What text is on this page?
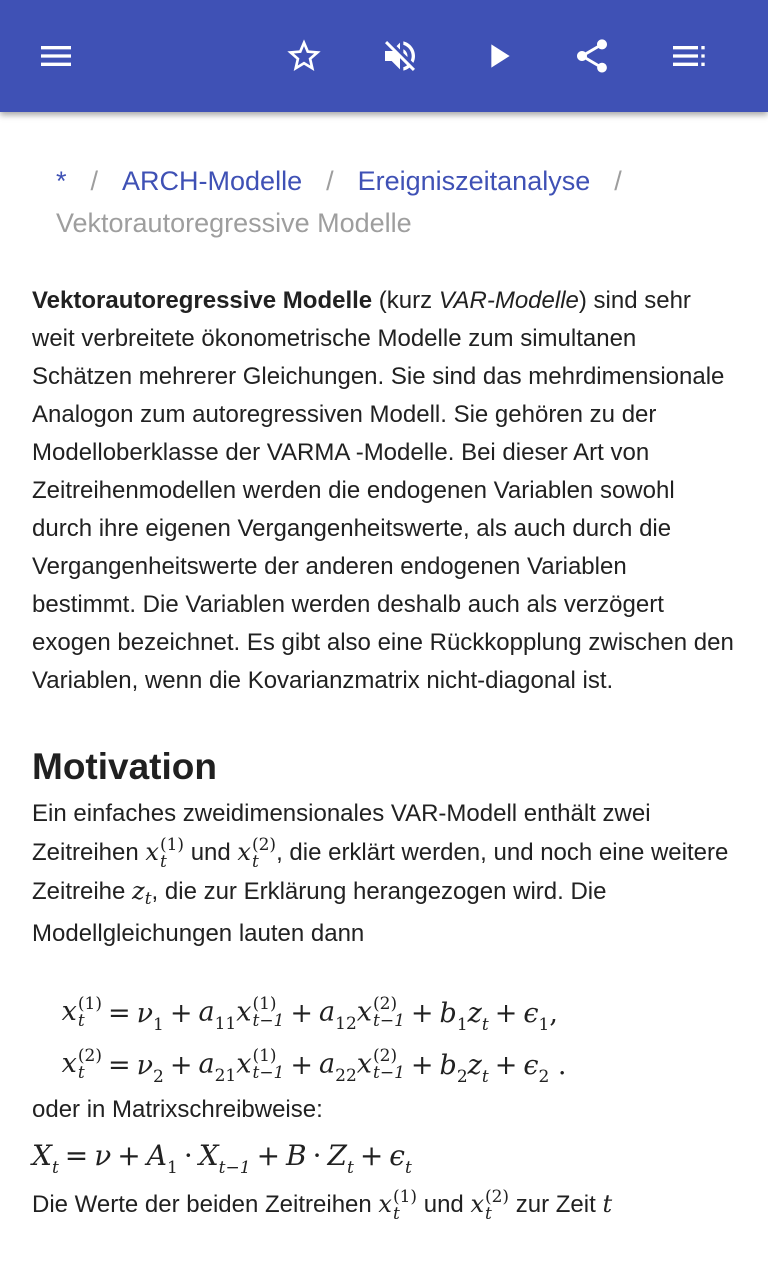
* / ARCH-Modelle / Ereigniszeitanalyse /
Vektorautoregressive Modelle

Vektorautoregressive Modelle (kurz VAR-Modelle) sind sehr weit verbreitete ökonometrische Modelle zum simultanen Schätzen mehrerer Gleichungen. Sie sind das mehrdimensionale Analogon zum autoregressiven Modell. Sie gehören zu der Modelloberklasse der VARMA -Modelle. Bei dieser Art von Zeitreihenmodellen werden die endogenen Variablen sowohl durch ihre eigenen Vergangenheitswerte, als auch durch die Vergangenheitswerte der anderen endogenen Variablen bestimmt. Die Variablen werden deshalb auch als verzögert exogen bezeichnet. Es gibt also eine Rückkopplung zwischen den Variablen, wenn die Kovarianzmatrix nicht-diagonal ist.

Motivation

Ein einfaches zweidimensionales VAR-Modell enthält zwei Zeitreihen x (1)
t und x (2)
t , die erklärt werden, und noch eine weitere Zeitreihe $z_t$, die zur Erklärung herangezogen wird. Die Modellgleichungen lauten dann

x (1)
$t = \nu_1 + a_{11}x$ (1)
$t-1 + a_{12}x$ (2)
$t-1 + b_1z_t + \epsilon_1$ ,
x (2)
$t = \nu_2 + a_{21}x$ (1)
$t-1 + a_{22}x$ (2)
$t-1 + b_2z_t + \epsilon_2$ .

oder in Matrixschreibweise:

$X_t = \nu + A_1 \cdot X_{t-1} + B \cdot Z_t + \epsilon_t$

Die Werte der beiden Zeitreihen x (1)
t und x (2)
t zur Zeit t
